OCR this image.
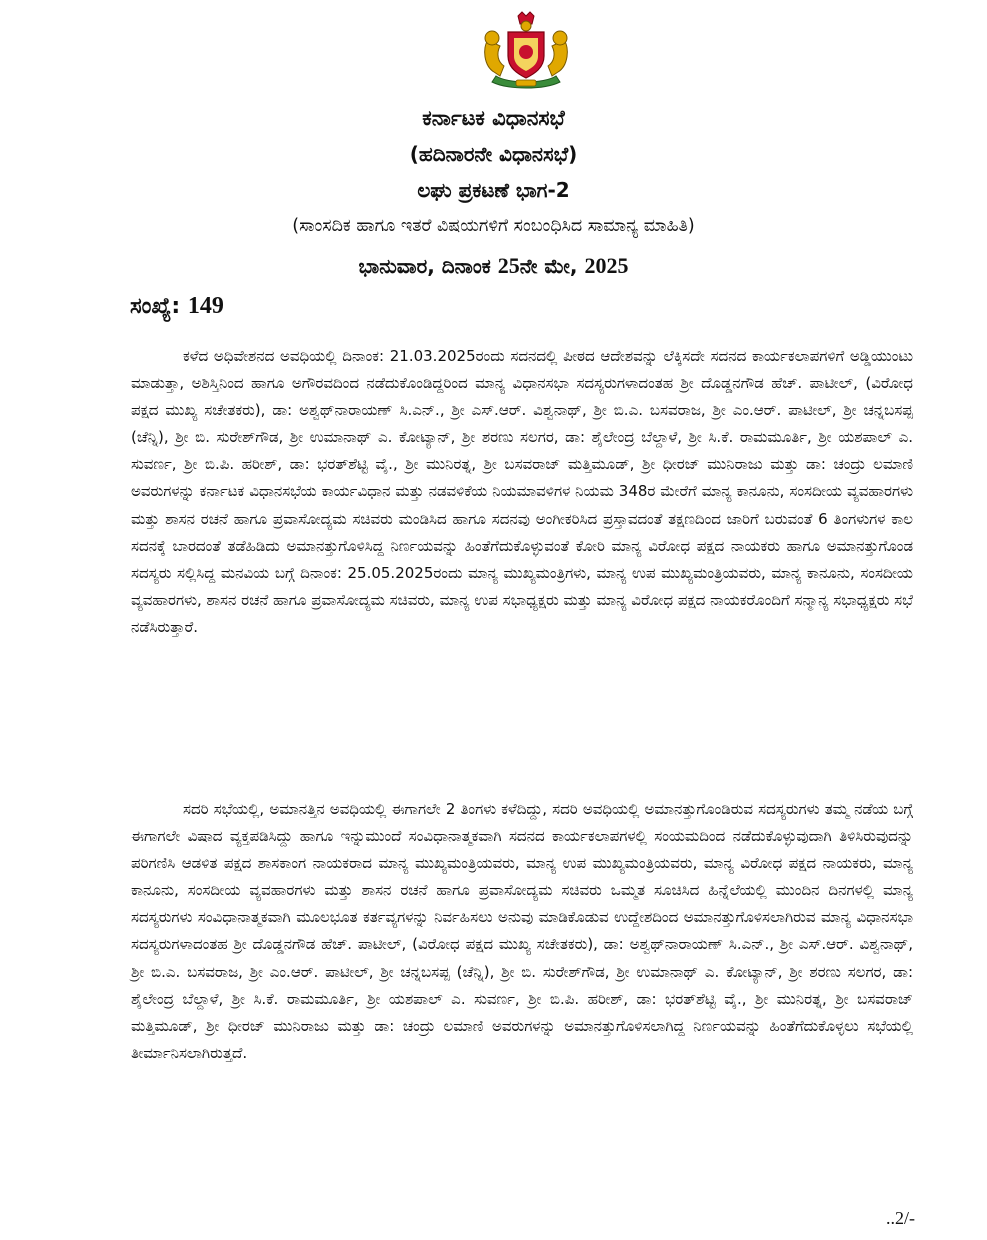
ಕರ್ನಾಟಕ ವಿಧಾನಸಭೆ
(ಹದಿನಾರನೇ ವಿಧಾನಸಭೆ)
ಲಘು ಪ್ರಕಟಣೆ ಭಾಗ-2
(ಸಾಂಸದಿಕ ಹಾಗೂ ಇತರೆ ವಿಷಯಗಳಿಗೆ ಸಂಬಂಧಿಸಿದ ಸಾಮಾನ್ಯ ಮಾಹಿತಿ)
ಭಾನುವಾರ, ದಿನಾಂಕ 25ನೇ ಮೇ, 2025
ಸಂಖ್ಯೆ: 149

ಕಳೆದ ಅಧಿವೇಶನದ ಅವಧಿಯಲ್ಲಿ ದಿನಾಂಕ: 21.03.2025ರಂದು ಸದನದಲ್ಲಿ ಪೀಠದ ಆದೇಶವನ್ನು ಲೆಕ್ಕಿಸದೇ ಸದನದ ಕಾರ್ಯಕಲಾಪಗಳಿಗೆ ಅಡ್ಡಿಯುಂಟು ಮಾಡುತ್ತಾ, ಅಶಿಸ್ತಿನಿಂದ ಹಾಗೂ ಅಗೌರವದಿಂದ ನಡೆದುಕೊಂಡಿದ್ದರಿಂದ ಮಾನ್ಯ ವಿಧಾನಸಭಾ ಸದಸ್ಯರುಗಳಾದಂತಹ ಶ್ರೀ ದೊಡ್ಡನಗೌಡ ಹೆಚ್. ಪಾಟೀಲ್, (ವಿರೋಧ ಪಕ್ಷದ ಮುಖ್ಯ ಸಚೇತಕರು), ಡಾ: ಅಶ್ವಥ್‌ನಾರಾಯಣ್ ಸಿ.ಎನ್., ಶ್ರೀ ಎಸ್.ಆರ್. ವಿಶ್ವನಾಥ್, ಶ್ರೀ ಬಿ.ಎ. ಬಸವರಾಜ, ಶ್ರೀ ಎಂ.ಆರ್. ಪಾಟೀಲ್, ಶ್ರೀ ಚನ್ನಬಸಪ್ಪ (ಚೆನ್ನಿ), ಶ್ರೀ ಬಿ. ಸುರೇಶ್‌ಗೌಡ, ಶ್ರೀ ಉಮಾನಾಥ್ ಎ. ಕೋಟ್ಯಾನ್, ಶ್ರೀ ಶರಣು ಸಲಗರ, ಡಾ: ಶೈಲೇಂದ್ರ ಬೆಲ್ದಾಳೆ, ಶ್ರೀ ಸಿ.ಕೆ. ರಾಮಮೂರ್ತಿ, ಶ್ರೀ ಯಶಪಾಲ್ ಎ. ಸುವರ್ಣ, ಶ್ರೀ ಬಿ.ಪಿ. ಹರೀಶ್, ಡಾ: ಭರತ್‌ಶೆಟ್ಟಿ ವೈ., ಶ್ರೀ ಮುನಿರತ್ನ, ಶ್ರೀ ಬಸವರಾಜ್ ಮತ್ತಿಮೂಡ್, ಶ್ರೀ ಧೀರಜ್ ಮುನಿರಾಜು ಮತ್ತು ಡಾ: ಚಂದ್ರು ಲಮಾಣಿ ಅವರುಗಳನ್ನು ಕರ್ನಾಟಕ ವಿಧಾನಸಭೆಯ ಕಾರ್ಯವಿಧಾನ ಮತ್ತು ನಡವಳಿಕೆಯ ನಿಯಮಾವಳಿಗಳ ನಿಯಮ 348ರ ಮೇರೆಗೆ ಮಾನ್ಯ ಕಾನೂನು, ಸಂಸದೀಯ ವ್ಯವಹಾರಗಳು ಮತ್ತು ಶಾಸನ ರಚನೆ ಹಾಗೂ ಪ್ರವಾಸೋದ್ಯಮ ಸಚಿವರು ಮಂಡಿಸಿದ ಹಾಗೂ ಸದನವು ಅಂಗೀಕರಿಸಿದ ಪ್ರಸ್ತಾವದಂತೆ ತಕ್ಷಣದಿಂದ ಜಾರಿಗೆ ಬರುವಂತೆ 6 ತಿಂಗಳುಗಳ ಕಾಲ ಸದನಕ್ಕೆ ಬಾರದಂತೆ ತಡೆಹಿಡಿದು ಅಮಾನತ್ತುಗೊಳಿಸಿದ್ದ ನಿರ್ಣಯವನ್ನು ಹಿಂತೆಗೆದುಕೊಳ್ಳುವಂತೆ ಕೋರಿ ಮಾನ್ಯ ವಿರೋಧ ಪಕ್ಷದ ನಾಯಕರು ಹಾಗೂ ಅಮಾನತ್ತುಗೊಂಡ ಸದಸ್ಯರು ಸಲ್ಲಿಸಿದ್ದ ಮನವಿಯ ಬಗ್ಗೆ ದಿನಾಂಕ: 25.05.2025ರಂದು ಮಾನ್ಯ ಮುಖ್ಯಮಂತ್ರಿಗಳು, ಮಾನ್ಯ ಉಪ ಮುಖ್ಯಮಂತ್ರಿಯವರು, ಮಾನ್ಯ ಕಾನೂನು, ಸಂಸದೀಯ ವ್ಯವಹಾರಗಳು, ಶಾಸನ ರಚನೆ ಹಾಗೂ ಪ್ರವಾಸೋದ್ಯಮ ಸಚಿವರು, ಮಾನ್ಯ ಉಪ ಸಭಾಧ್ಯಕ್ಷರು ಮತ್ತು ಮಾನ್ಯ ವಿರೋಧ ಪಕ್ಷದ ನಾಯಕರೊಂದಿಗೆ ಸನ್ಮಾನ್ಯ ಸಭಾಧ್ಯಕ್ಷರು ಸಭೆ ನಡೆಸಿರುತ್ತಾರೆ.

ಸದರಿ ಸಭೆಯಲ್ಲಿ, ಅಮಾನತ್ತಿನ ಅವಧಿಯಲ್ಲಿ ಈಗಾಗಲೇ 2 ತಿಂಗಳು ಕಳೆದಿದ್ದು, ಸದರಿ ಅವಧಿಯಲ್ಲಿ ಅಮಾನತ್ತುಗೊಂಡಿರುವ ಸದಸ್ಯರುಗಳು ತಮ್ಮ ನಡೆಯ ಬಗ್ಗೆ ಈಗಾಗಲೇ ವಿಷಾದ ವ್ಯಕ್ತಪಡಿಸಿದ್ದು ಹಾಗೂ ಇನ್ನುಮುಂದೆ ಸಂವಿಧಾನಾತ್ಮಕವಾಗಿ ಸದನದ ಕಾರ್ಯಕಲಾಪಗಳಲ್ಲಿ ಸಂಯಮದಿಂದ ನಡೆದುಕೊಳ್ಳುವುದಾಗಿ ತಿಳಿಸಿರುವುದನ್ನು ಪರಿಗಣಿಸಿ ಆಡಳಿತ ಪಕ್ಷದ ಶಾಸಕಾಂಗ ನಾಯಕರಾದ ಮಾನ್ಯ ಮುಖ್ಯಮಂತ್ರಿಯವರು, ಮಾನ್ಯ ಉಪ ಮುಖ್ಯಮಂತ್ರಿಯವರು, ಮಾನ್ಯ ವಿರೋಧ ಪಕ್ಷದ ನಾಯಕರು, ಮಾನ್ಯ ಕಾನೂನು, ಸಂಸದೀಯ ವ್ಯವಹಾರಗಳು ಮತ್ತು ಶಾಸನ ರಚನೆ ಹಾಗೂ ಪ್ರವಾಸೋದ್ಯಮ ಸಚಿವರು ಒಮ್ಮತ ಸೂಚಿಸಿದ ಹಿನ್ನೆಲೆಯಲ್ಲಿ ಮುಂದಿನ ದಿನಗಳಲ್ಲಿ ಮಾನ್ಯ ಸದಸ್ಯರುಗಳು ಸಂವಿಧಾನಾತ್ಮಕವಾಗಿ ಮೂಲಭೂತ ಕರ್ತವ್ಯಗಳನ್ನು ನಿರ್ವಹಿಸಲು ಅನುವು ಮಾಡಿಕೊಡುವ ಉದ್ದೇಶದಿಂದ ಅಮಾನತ್ತುಗೊಳಿಸಲಾಗಿರುವ ಮಾನ್ಯ ವಿಧಾನಸಭಾ ಸದಸ್ಯರುಗಳಾದಂತಹ ಶ್ರೀ ದೊಡ್ಡನಗೌಡ ಹೆಚ್. ಪಾಟೀಲ್, (ವಿರೋಧ ಪಕ್ಷದ ಮುಖ್ಯ ಸಚೇತಕರು), ಡಾ: ಅಶ್ವಥ್‌ನಾರಾಯಣ್ ಸಿ.ಎನ್., ಶ್ರೀ ಎಸ್.ಆರ್. ವಿಶ್ವನಾಥ್, ಶ್ರೀ ಬಿ.ಎ. ಬಸವರಾಜ, ಶ್ರೀ ಎಂ.ಆರ್. ಪಾಟೀಲ್, ಶ್ರೀ ಚನ್ನಬಸಪ್ಪ (ಚೆನ್ನಿ), ಶ್ರೀ ಬಿ. ಸುರೇಶ್‌ಗೌಡ, ಶ್ರೀ ಉಮಾನಾಥ್ ಎ. ಕೋಟ್ಯಾನ್, ಶ್ರೀ ಶರಣು ಸಲಗರ, ಡಾ: ಶೈಲೇಂದ್ರ ಬೆಲ್ದಾಳೆ, ಶ್ರೀ ಸಿ.ಕೆ. ರಾಮಮೂರ್ತಿ, ಶ್ರೀ ಯಶಪಾಲ್ ಎ. ಸುವರ್ಣ, ಶ್ರೀ ಬಿ.ಪಿ. ಹರೀಶ್, ಡಾ: ಭರತ್‌ಶೆಟ್ಟಿ ವೈ., ಶ್ರೀ ಮುನಿರತ್ನ, ಶ್ರೀ ಬಸವರಾಜ್ ಮತ್ತಿಮೂಡ್, ಶ್ರೀ ಧೀರಜ್ ಮುನಿರಾಜು ಮತ್ತು ಡಾ: ಚಂದ್ರು ಲಮಾಣಿ ಅವರುಗಳನ್ನು ಅಮಾನತ್ತುಗೊಳಿಸಲಾಗಿದ್ದ ನಿರ್ಣಯವನ್ನು ಹಿಂತೆಗೆದುಕೊಳ್ಳಲು ಸಭೆಯಲ್ಲಿ ತೀರ್ಮಾನಿಸಲಾಗಿರುತ್ತದೆ.

..2/-
